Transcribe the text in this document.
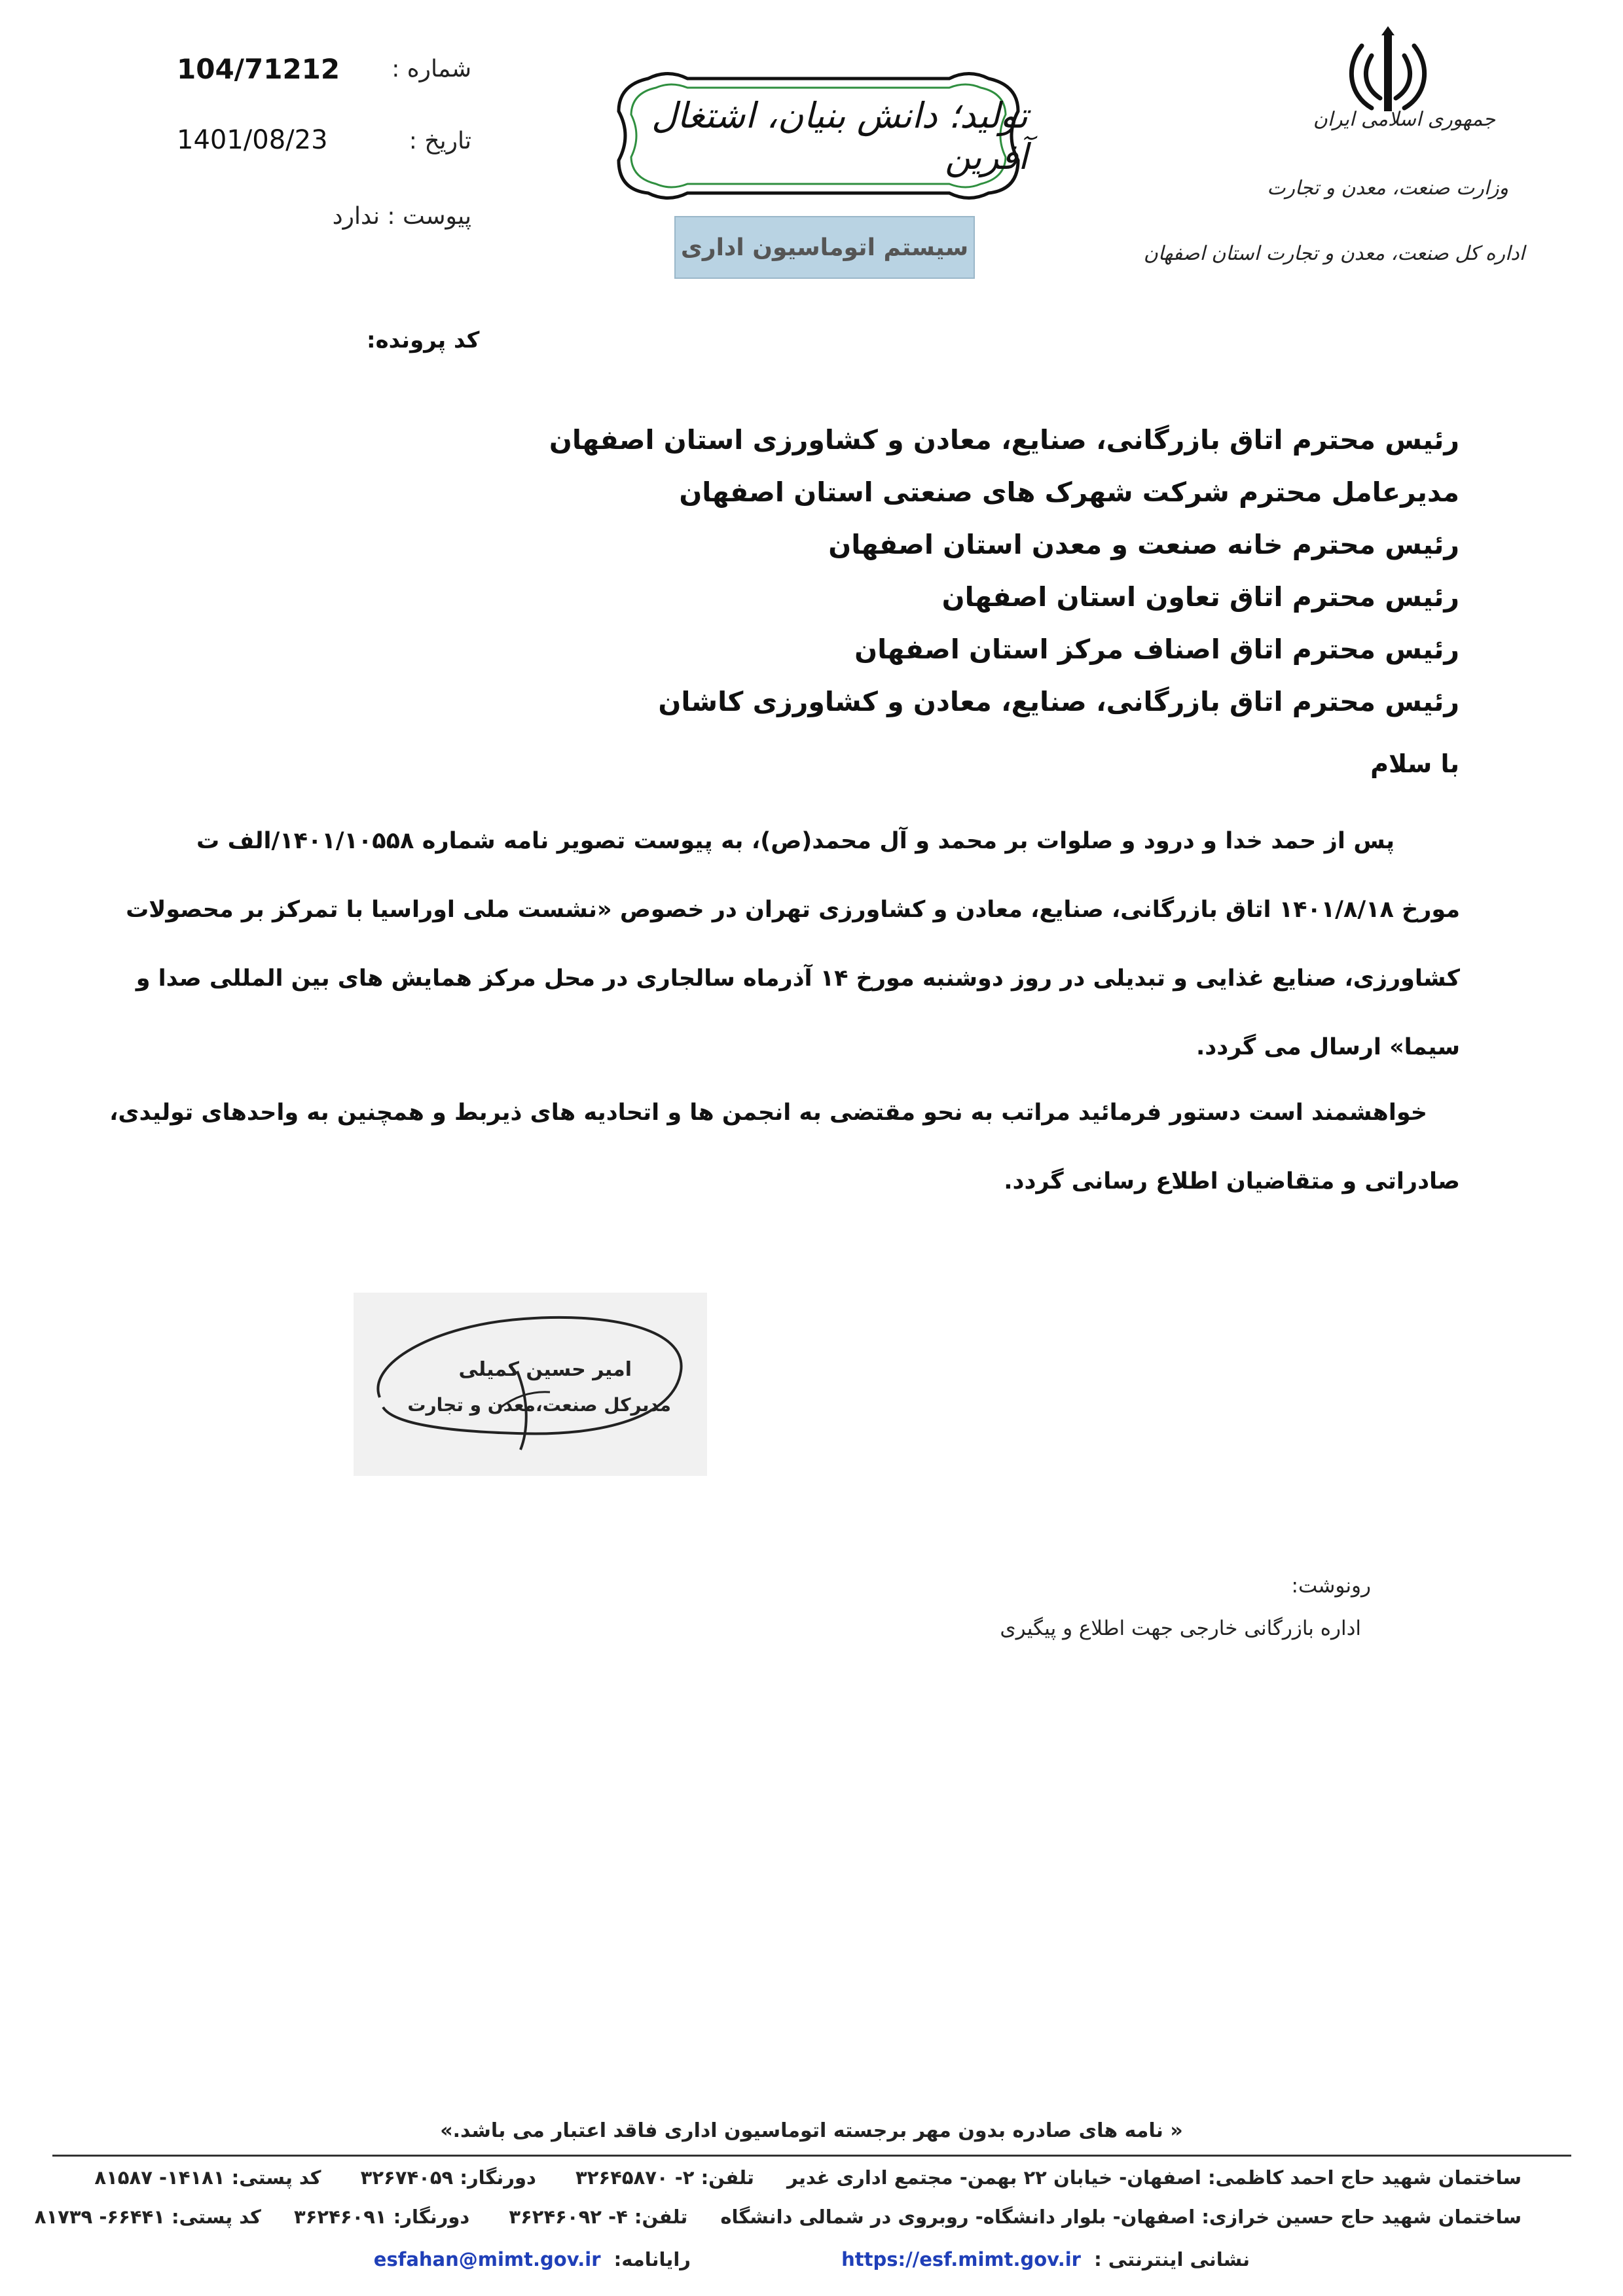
شماره :
104/71212
تاریخ :
1401/08/23
پیوست : ندارد
جمهوری اسلامی ایران
وزارت صنعت، معدن و تجارت
اداره کل صنعت، معدن و تجارت استان اصفهان
تولید؛ دانش بنیان، اشتغال آفرین
سیستم اتوماسیون اداری
کد پرونده:
رئیس محترم اتاق بازرگانی، صنایع، معادن و کشاورزی استان اصفهان
مدیرعامل محترم شرکت شهرک های صنعتی استان اصفهان
رئیس محترم خانه صنعت و معدن استان اصفهان
رئیس محترم اتاق تعاون استان اصفهان
رئیس محترم اتاق اصناف مرکز استان اصفهان
رئیس محترم اتاق بازرگانی، صنایع، معادن و کشاورزی کاشان
با سلام
پس از حمد خدا و درود و صلوات بر محمد و آل محمد(ص)، به پیوست تصویر نامه شماره ۱۴۰۱/۱۰۵۵۸/الف ت
مورخ ۱۴۰۱/۸/۱۸ اتاق بازرگانی، صنایع، معادن و کشاورزی تهران در خصوص «نشست ملی اوراسیا با تمرکز بر محصولات
کشاورزی، صنایع غذایی و تبدیلی در روز دوشنبه مورخ ۱۴ آذرماه سالجاری در محل مرکز همایش های بین المللی صدا و
سیما» ارسال می گردد.
خواهشمند است دستور فرمائید مراتب به نحو مقتضی به انجمن ها و اتحادیه های ذیربط و همچنین به واحدهای تولیدی،
صادراتی و متقاضیان اطلاع رسانی گردد.
امیر حسین کمیلی
مدیرکل صنعت،معدن و تجارت
رونوشت:
اداره بازرگانی خارجی جهت اطلاع و پیگیری
« نامه های صادره بدون مهر برجسته اتوماسیون اداری فاقد اعتبار می باشد.»
ساختمان شهید حاج احمد کاظمی: اصفهان- خیابان ۲۲ بهمن- مجتمع اداری غدیر تلفن: ۲- ۳۲۶۴۵۸۷۰ دورنگار: ۳۲۶۷۴۰۵۹ کد پستی: ۱۴۱۸۱- ۸۱۵۸۷
ساختمان شهید حاج حسین خرازی: اصفهان- بلوار دانشگاه- روبروی در شمالی دانشگاه تلفن: ۴- ۳۶۲۴۶۰۹۲ دورنگار: ۳۶۲۴۶۰۹۱ کد پستی: ۶۶۴۴۱- ۸۱۷۳۹
نشانی اینترنتی : https://esf.mimt.gov.ir رایانامه: esfahan@mimt.gov.ir
